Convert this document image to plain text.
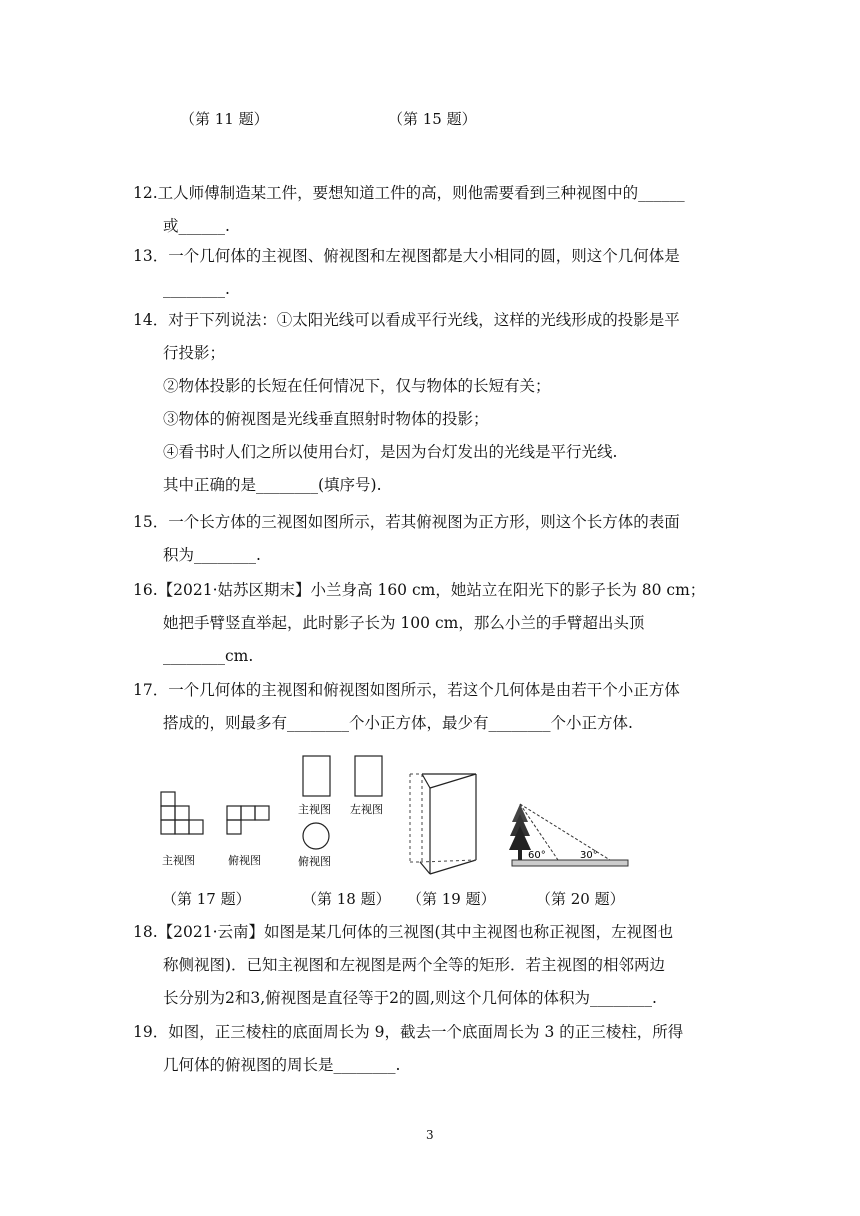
（第 11 题）	（第 15 题）
12.工人师傅制造某工件，要想知道工件的高，则他需要看到三种视图中的______
或______.
13．一个几何体的主视图、俯视图和左视图都是大小相同的圆，则这个几何体是
________.
14．对于下列说法：①太阳光线可以看成平行光线，这样的光线形成的投影是平
行投影；
②物体投影的长短在任何情况下，仅与物体的长短有关；
③物体的俯视图是光线垂直照射时物体的投影；
④看书时人们之所以使用台灯，是因为台灯发出的光线是平行光线.
其中正确的是________(填序号).
15．一个长方体的三视图如图所示，若其俯视图为正方形，则这个长方体的表面
积为________.
16.【2021·姑苏区期末】小兰身高 160 cm，她站立在阳光下的影子长为 80 cm；
她把手臂竖直举起，此时影子长为 100 cm，那么小兰的手臂超出头顶
________cm.
17．一个几何体的主视图和俯视图如图所示，若这个几何体是由若干个小正方体
搭成的，则最多有________个小正方体，最少有________个小正方体.
主视图	俯视图
主视图 左视图
俯视图	60°	30°
（第 17 题）	（第 18 题） （第 19 题）	（第 20 题）
18.【2021·云南】如图是某几何体的三视图(其中主视图也称正视图，左视图也
称侧视图)．已知主视图和左视图是两个全等的矩形．若主视图的相邻两边
长分别为2和3,俯视图是直径等于2的圆,则这个几何体的体积为________.
19．如图，正三棱柱的底面周长为 9，截去一个底面周长为 3 的正三棱柱，所得
几何体的俯视图的周长是________.
3
